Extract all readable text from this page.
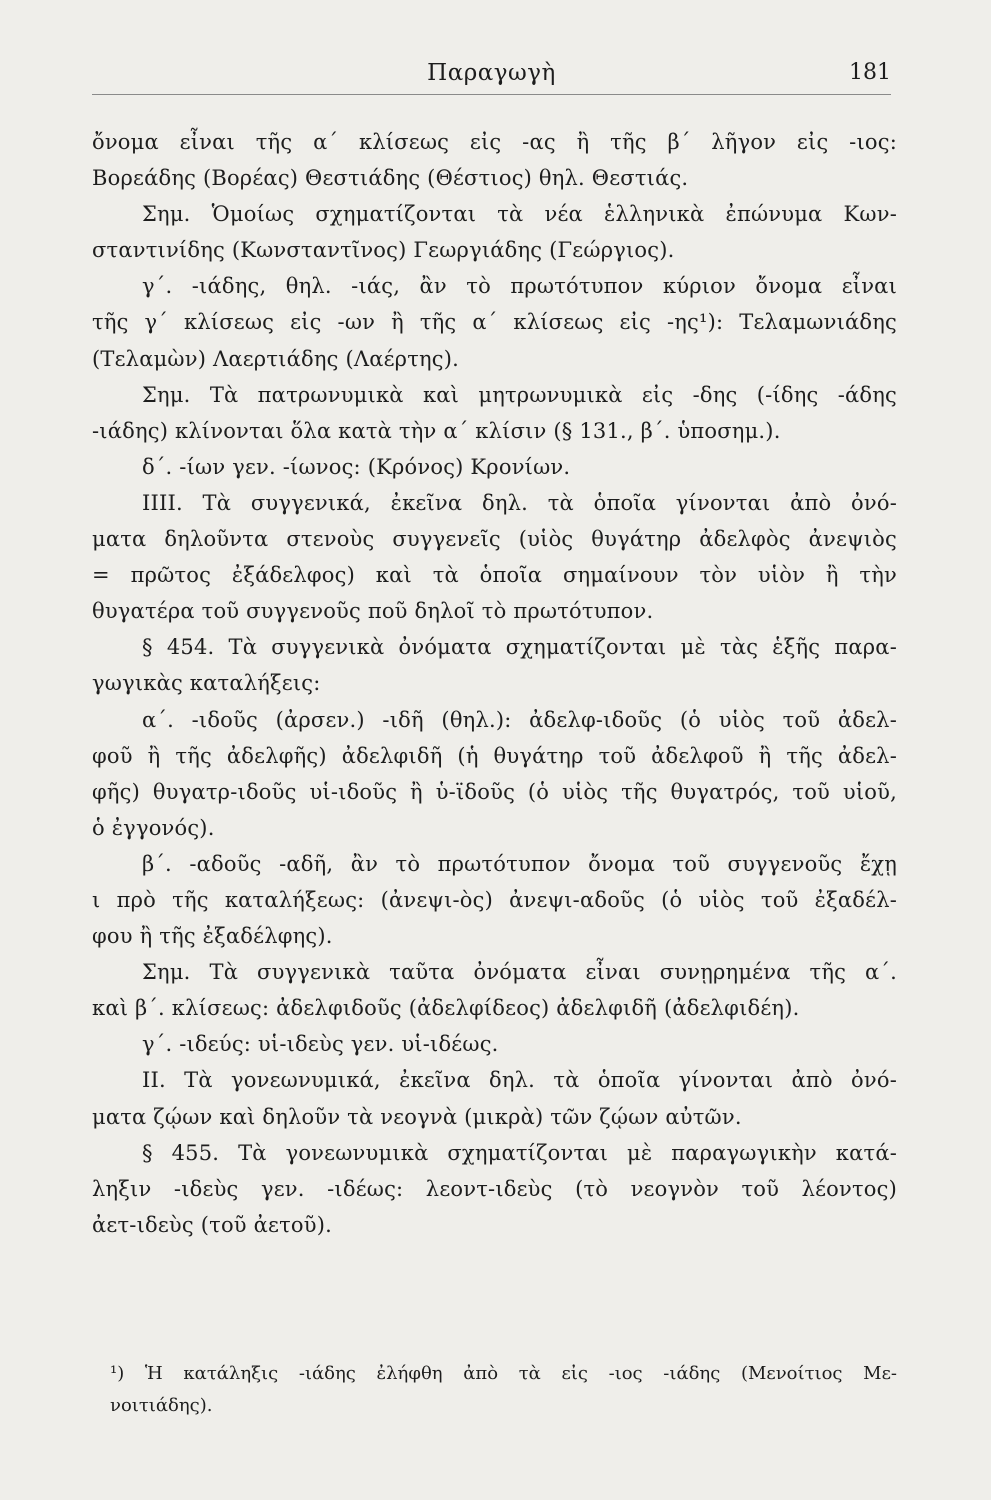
Παραγωγὴ	181
ὄνομα εἶναι τῆς α΄ κλίσεως εἰς -ας ἢ τῆς β΄ λῆγον εἰς -ιος:
Βορεάδης (Βορέας) Θεστιάδης (Θέστιος) θηλ. Θεστιάς.
Σημ. Ὁμοίως σχηματίζονται τὰ νέα ἑλληνικὰ ἐπώνυμα Κων-
σταντινίδης (Κωνσταντῖνος) Γεωργιάδης (Γεώργιος).
γ΄. -ιάδης, θηλ. -ιάς, ἂν τὸ πρωτότυπον κύριον ὄνομα εἶναι
τῆς γ΄ κλίσεως εἰς -ων ἢ τῆς α΄ κλίσεως εἰς -ης¹): Τελαμωνιάδης
(Τελαμὼν) Λαερτιάδης (Λαέρτης).
Σημ. Τὰ πατρωνυμικὰ καὶ μητρωνυμικὰ εἰς -δης (-ίδης -άδης
-ιάδης) κλίνονται ὅλα κατὰ τὴν α΄ κλίσιν (§ 131., β΄. ὑποσημ.).
δ΄. -ίων γεν. -ίωνος: (Κρόνος) Κρονίων.
IIII. Τὰ συγγενικά, ἐκεῖνα δηλ. τὰ ὁποῖα γίνονται ἀπὸ ὀνό-
ματα δηλοῦντα στενοὺς συγγενεῖς (υἱὸς θυγάτηρ ἀδελφὸς ἀνεψιὸς
= πρῶτος ἐξάδελφος) καὶ τὰ ὁποῖα σημαίνουν τὸν υἱὸν ἢ τὴν
θυγατέρα τοῦ συγγενοῦς ποῦ δηλοῖ τὸ πρωτότυπον.
§ 454. Τὰ συγγενικὰ ὀνόματα σχηματίζονται μὲ τὰς ἑξῆς παρα-
γωγικὰς καταλήξεις:
α΄. -ιδοῦς (ἀρσεν.) -ιδῆ (θηλ.): ἀδελφ-ιδοῦς (ὁ υἱὸς τοῦ ἀδελ-
φοῦ ἢ τῆς ἀδελφῆς) ἀδελφιδῆ (ἡ θυγάτηρ τοῦ ἀδελφοῦ ἢ τῆς ἀδελ-
φῆς) θυγατρ-ιδοῦς υἱ-ιδοῦς ἢ ὑ-ϊδοῦς (ὁ υἱὸς τῆς θυγατρός, τοῦ υἱοῦ,
ὁ ἐγγονός).
β΄. -αδοῦς -αδῆ, ἂν τὸ πρωτότυπον ὄνομα τοῦ συγγενοῦς ἔχῃ
ι πρὸ τῆς καταλήξεως: (ἀνεψι-ὸς) ἀνεψι-αδοῦς (ὁ υἱὸς τοῦ ἐξαδέλ-
φου ἢ τῆς ἐξαδέλφης).
Σημ. Τὰ συγγενικὰ ταῦτα ὀνόματα εἶναι συνῃρημένα τῆς α΄.
καὶ β΄. κλίσεως: ἀδελφιδοῦς (ἀδελφίδεος) ἀδελφιδῆ (ἀδελφιδέη).
γ΄. -ιδεύς: υἱ-ιδεὺς γεν. υἱ-ιδέως.
II. Τὰ γονεωνυμικά, ἐκεῖνα δηλ. τὰ ὁποῖα γίνονται ἀπὸ ὀνό-
ματα ζῴων καὶ δηλοῦν τὰ νεογνὰ (μικρὰ) τῶν ζῴων αὐτῶν.
§ 455. Τὰ γονεωνυμικὰ σχηματίζονται μὲ παραγωγικὴν κατά-
ληξιν -ιδεὺς γεν. -ιδέως: λεοντ-ιδεὺς (τὸ νεογνὸν τοῦ λέοντος)
ἀετ-ιδεὺς (τοῦ ἀετοῦ).
¹) Ἡ κατάληξις -ιάδης ἐλήφθη ἀπὸ τὰ εἰς -ιος -ιάδης (Μενοίτιος Με-
νοιτιάδης).
